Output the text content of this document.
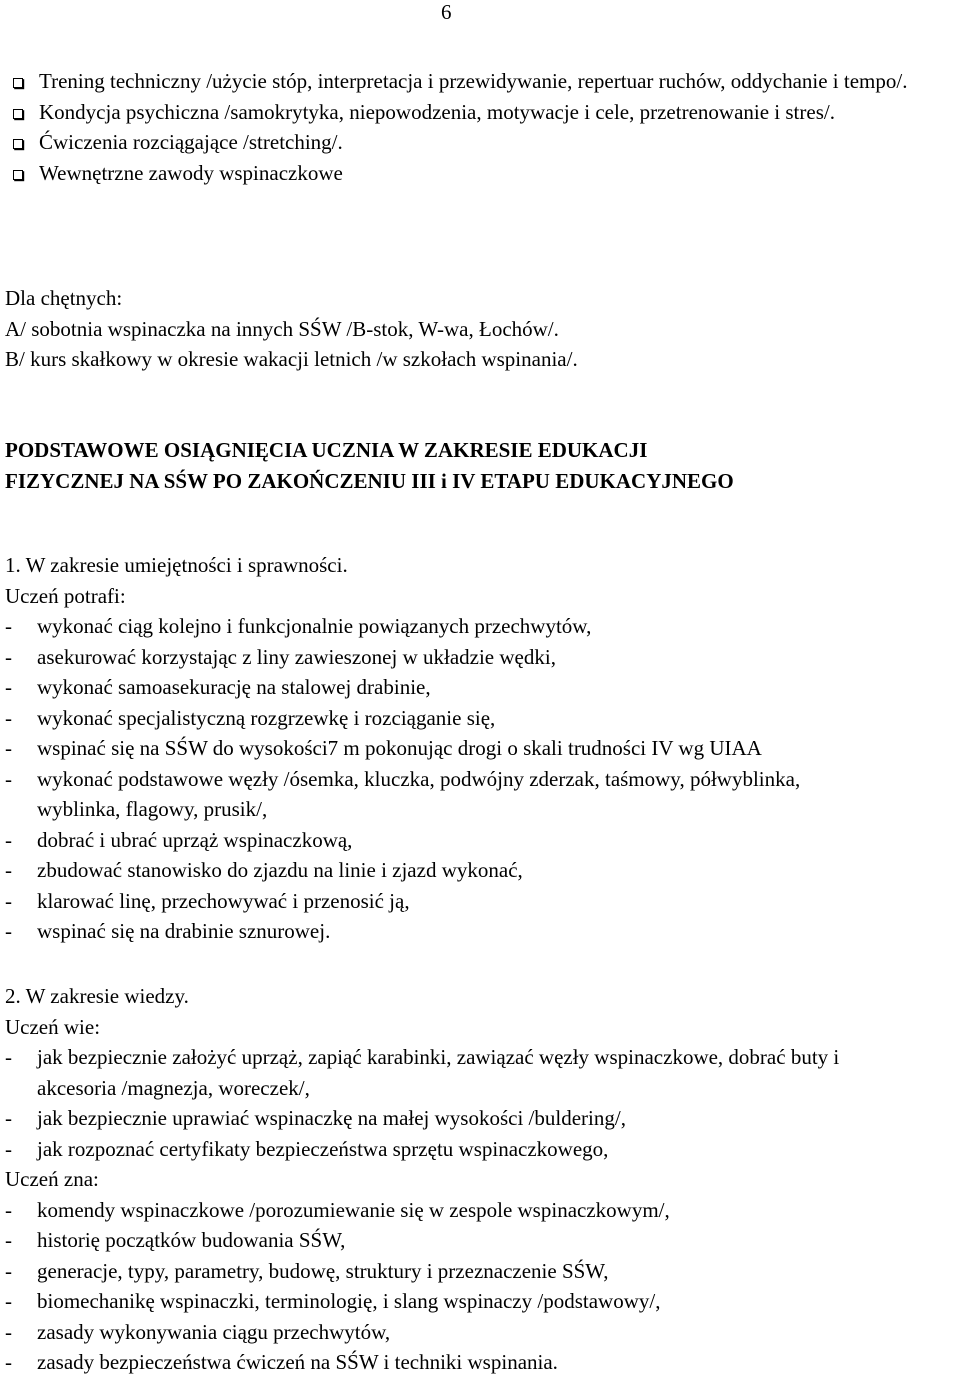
6
Trening techniczny /użycie stóp, interpretacja i przewidywanie, repertuar ruchów, oddychanie i tempo/.
Kondycja psychiczna /samokrytyka, niepowodzenia, motywacje i cele, przetrenowanie i stres/.
Ćwiczenia rozciągające /stretching/.
Wewnętrzne zawody wspinaczkowe
Dla chętnych:
A/ sobotnia wspinaczka na innych SŚW /B-stok, W-wa, Łochów/.
B/ kurs skałkowy w okresie wakacji letnich /w szkołach wspinania/.
PODSTAWOWE OSIĄGNIĘCIA UCZNIA W ZAKRESIE EDUKACJI
FIZYCZNEJ NA SŚW PO ZAKOŃCZENIU III i IV ETAPU EDUKACYJNEGO
1. W zakresie umiejętności i sprawności.
Uczeń potrafi:
-	wykonać ciąg kolejno i funkcjonalnie powiązanych przechwytów,
-	asekurować korzystając z liny zawieszonej w układzie wędki,
-	wykonać samoasekurację na stalowej drabinie,
-	wykonać specjalistyczną rozgrzewkę i rozciąganie się,
-	wspinać się na SŚW do wysokości7 m pokonując drogi o skali trudności IV wg UIAA
-	wykonać podstawowe węzły /ósemka, kluczka, podwójny zderzak, taśmowy, półwyblinka, wyblinka, flagowy, prusik/,
-	dobrać i ubrać uprząż wspinaczkową,
-	zbudować stanowisko do zjazdu na linie i zjazd wykonać,
-	klarować linę, przechowywać i przenosić ją,
-	wspinać się na drabinie sznurowej.
2. W zakresie wiedzy.
Uczeń wie:
-	jak bezpiecznie założyć uprząż, zapiąć karabinki, zawiązać węzły wspinaczkowe, dobrać buty i akcesoria /magnezja, woreczek/,
-	jak bezpiecznie uprawiać wspinaczkę na małej wysokości /buldering/,
-	jak rozpoznać certyfikaty bezpieczeństwa sprzętu wspinaczkowego,
Uczeń zna:
-	komendy wspinaczkowe /porozumiewanie się w zespole wspinaczkowym/,
-	historię początków budowania SŚW,
-	generacje, typy, parametry, budowę, struktury i przeznaczenie SŚW,
-	biomechanikę wspinaczki, terminologię, i slang wspinaczy /podstawowy/,
-	zasady wykonywania ciągu przechwytów,
-	zasady bezpieczeństwa ćwiczeń na SŚW i techniki wspinania.
